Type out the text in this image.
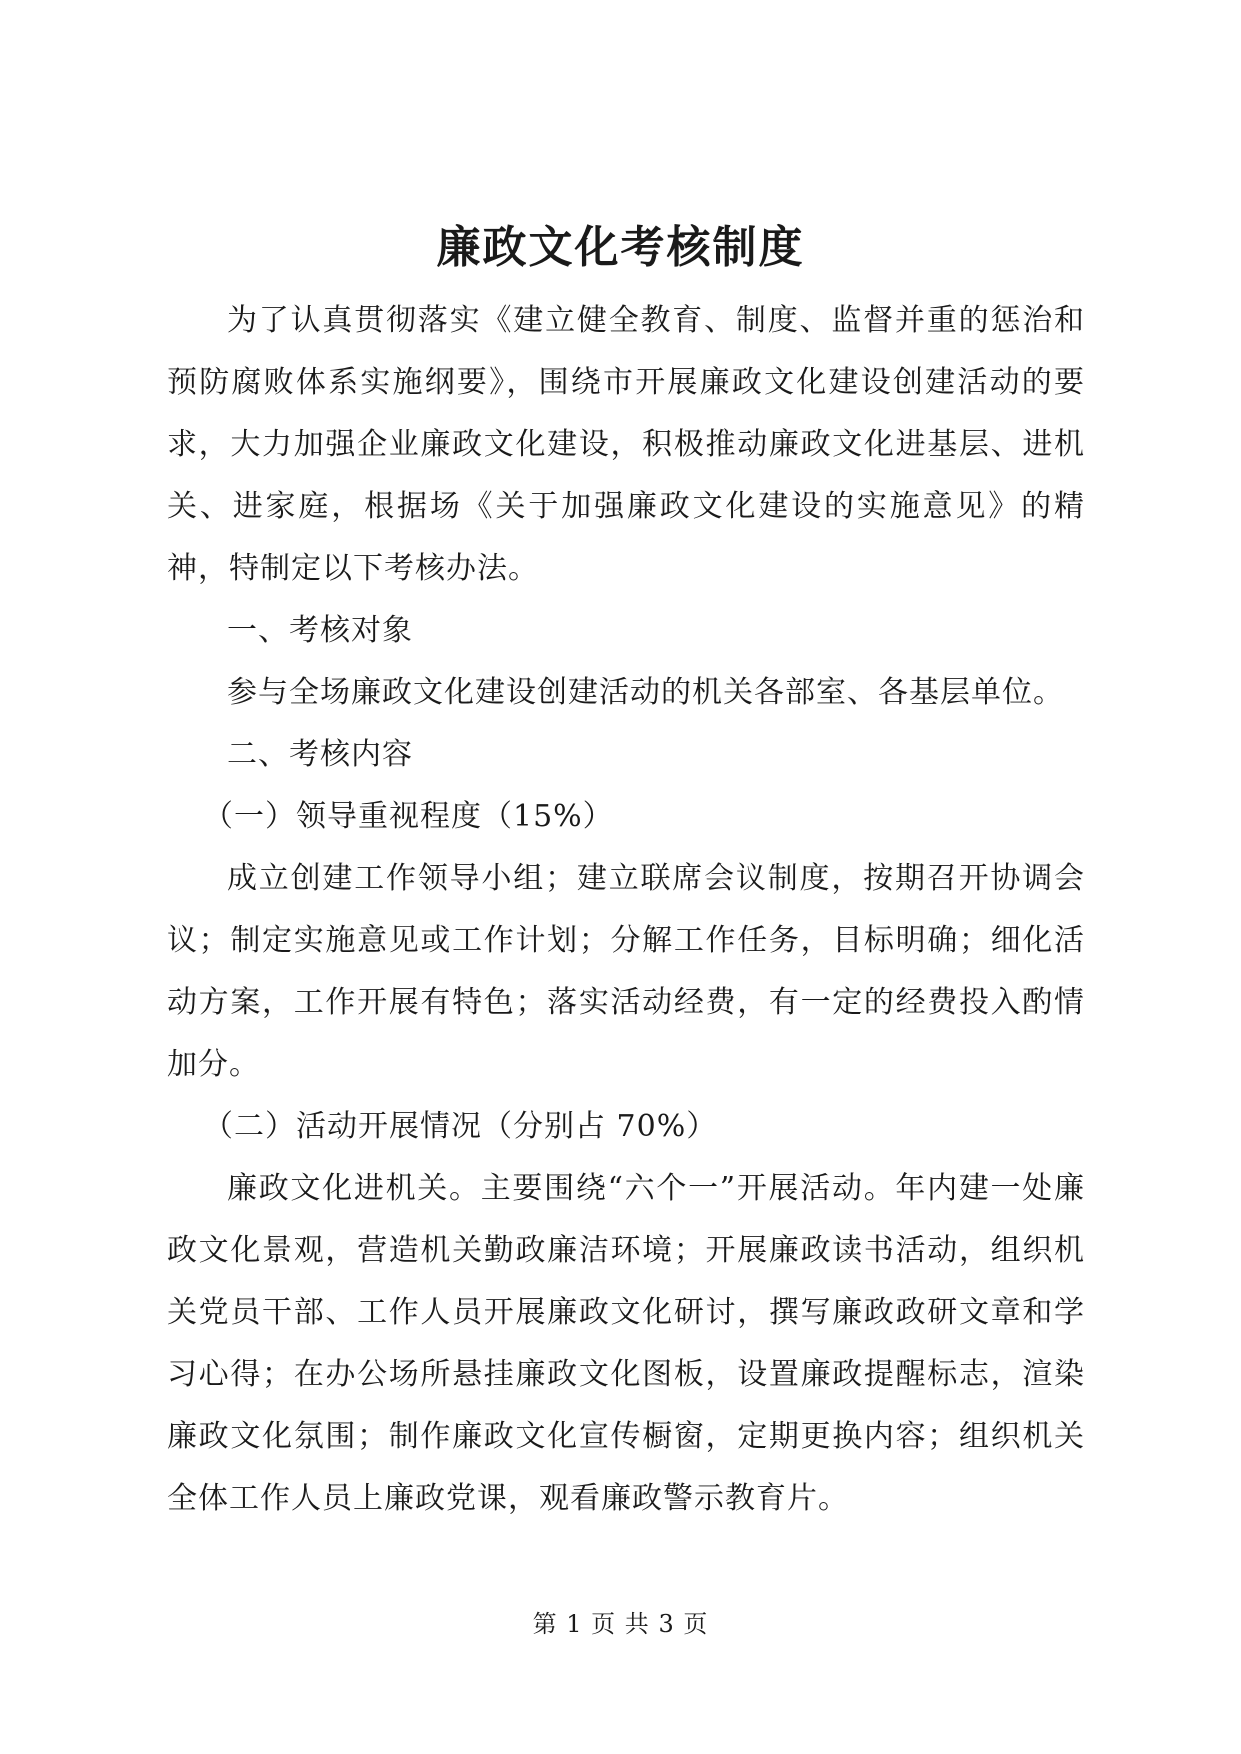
廉政文化考核制度

为了认真贯彻落实《建立健全教育、制度、监督并重的惩治和预防腐败体系实施纲要》，围绕市开展廉政文化建设创建活动的要求，大力加强企业廉政文化建设，积极推动廉政文化进基层、进机关、进家庭，根据场《关于加强廉政文化建设的实施意见》的精神，特制定以下考核办法。

一、考核对象

参与全场廉政文化建设创建活动的机关各部室、各基层单位。

二、考核内容

（一）领导重视程度（15%）

成立创建工作领导小组；建立联席会议制度，按期召开协调会议；制定实施意见或工作计划；分解工作任务，目标明确；细化活动方案，工作开展有特色；落实活动经费，有一定的经费投入酌情加分。

（二）活动开展情况（分别占 70%）

廉政文化进机关。主要围绕“六个一”开展活动。年内建一处廉政文化景观，营造机关勤政廉洁环境；开展廉政读书活动，组织机关党员干部、工作人员开展廉政文化研讨，撰写廉政政研文章和学习心得；在办公场所悬挂廉政文化图板，设置廉政提醒标志，渲染廉政文化氛围；制作廉政文化宣传橱窗，定期更换内容；组织机关全体工作人员上廉政党课，观看廉政警示教育片。

第 1 页 共 3 页
